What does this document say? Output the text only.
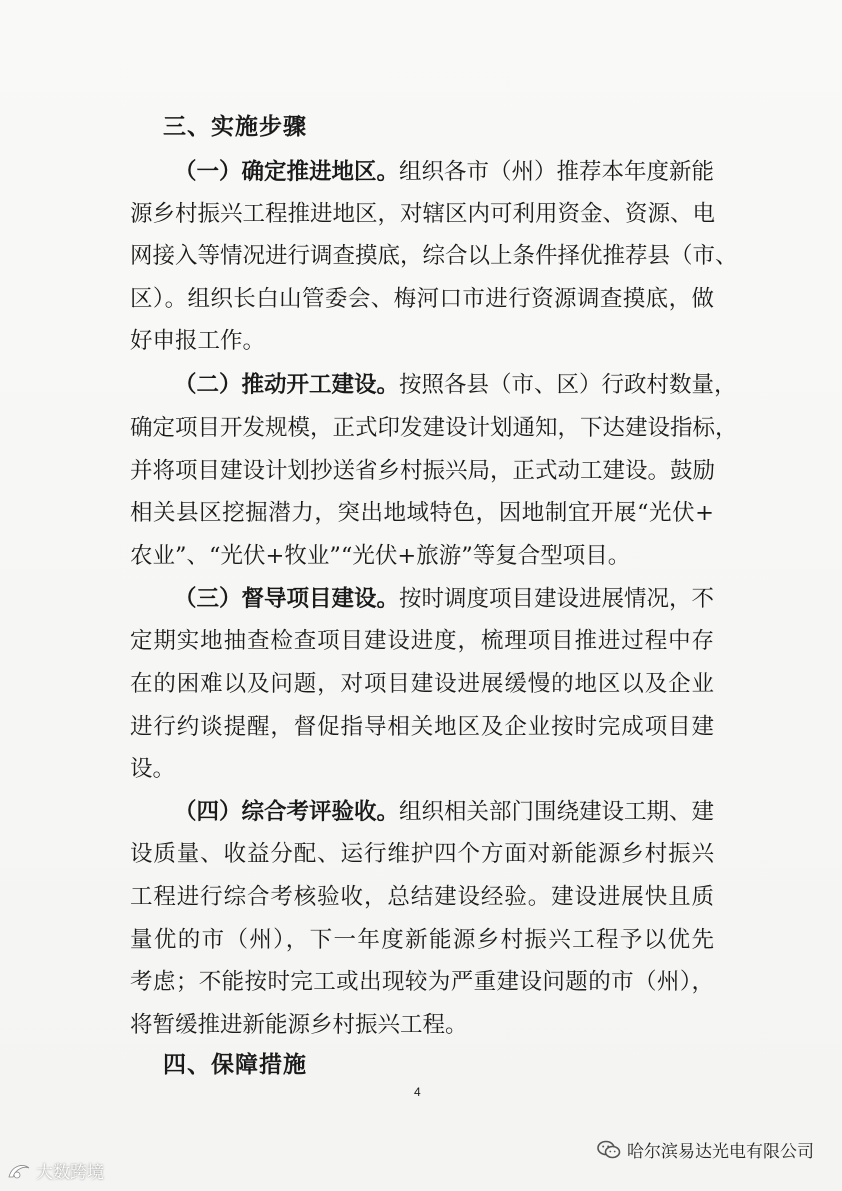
三、实施步骤
（一）确定推进地区。组织各市（州）推荐本年度新能
源乡村振兴工程推进地区，对辖区内可利用资金、资源、电
网接入等情况进行调查摸底，综合以上条件择优推荐县（市、
区）。组织长白山管委会、梅河口市进行资源调查摸底，做
好申报工作。
（二）推动开工建设。按照各县（市、区）行政村数量，
确定项目开发规模，正式印发建设计划通知，下达建设指标，
并将项目建设计划抄送省乡村振兴局，正式动工建设。鼓励
相关县区挖掘潜力，突出地域特色，因地制宜开展“光伏+
农业”、“光伏+牧业”“光伏+旅游”等复合型项目。
（三）督导项目建设。按时调度项目建设进展情况，不
定期实地抽查检查项目建设进度，梳理项目推进过程中存
在的困难以及问题，对项目建设进展缓慢的地区以及企业
进行约谈提醒，督促指导相关地区及企业按时完成项目建
设。
（四）综合考评验收。组织相关部门围绕建设工期、建
设质量、收益分配、运行维护四个方面对新能源乡村振兴
工程进行综合考核验收，总结建设经验。建设进展快且质
量优的市（州），下一年度新能源乡村振兴工程予以优先
考虑；不能按时完工或出现较为严重建设问题的市（州），
将暂缓推进新能源乡村振兴工程。
四、保障措施
4
哈尔滨易达光电有限公司
大数跨境
